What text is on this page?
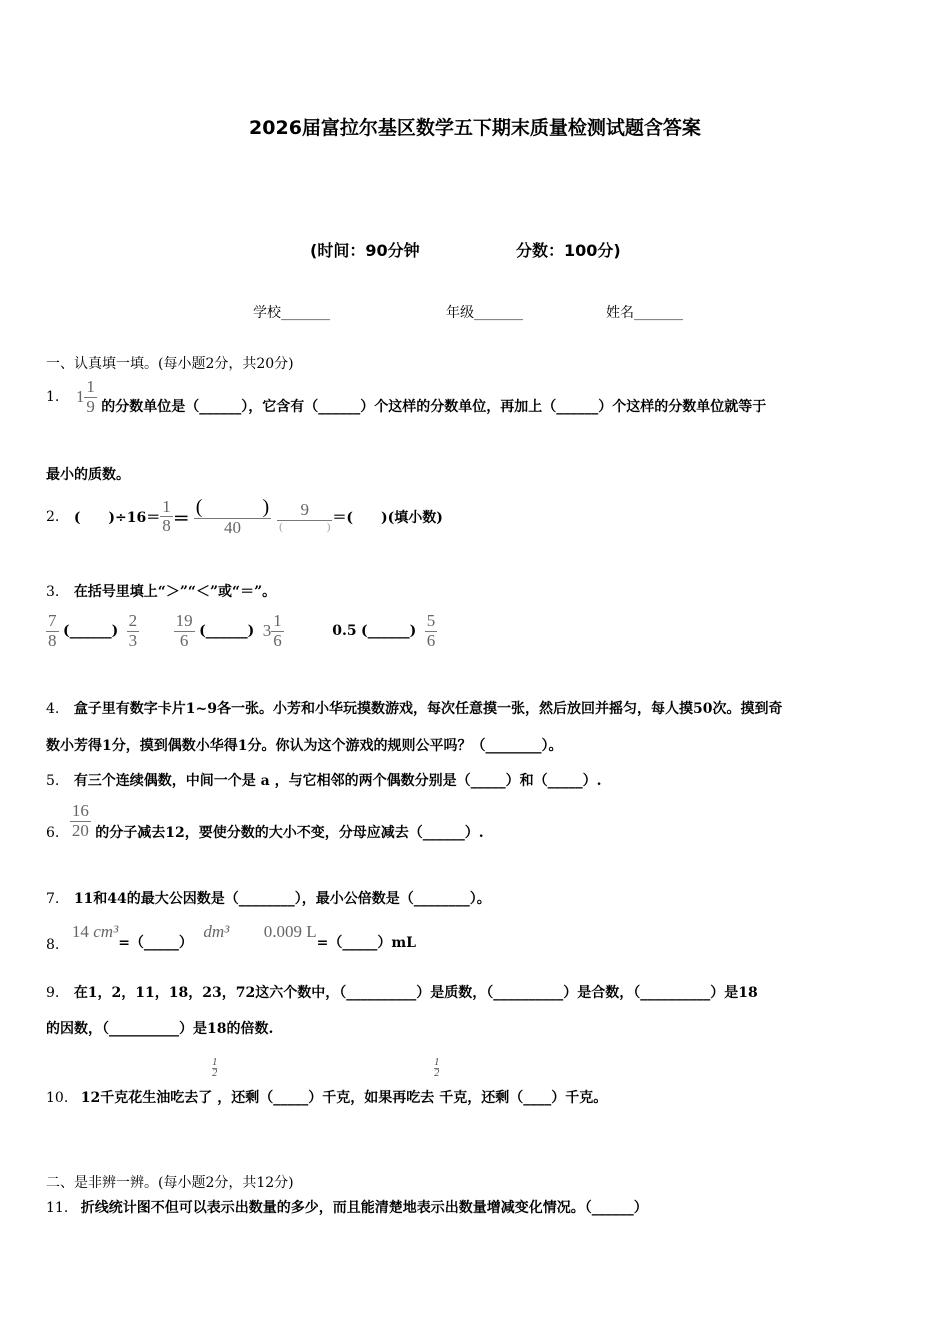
2026届富拉尔基区数学五下期末质量检测试题含答案
(时间：90分钟	分数：100分)
学校_______	年级_______	姓名_______
一、认真填一填。(每小题2分，共20分)
1. $1 \frac{1}{9}$ 的分数单位是（______），它含有（______）个这样的分数单位，再加上（______）个这样的分数单位就等于
最小的质数。
2. (　　)$\div 16= \frac{1}{8} = \frac{( )}{40} \frac{9}{( )}$ ＝(　　)(填小数)
3. 在括号里填上“＞”“＜”或“＝”。
$\frac{7}{8}$ (______) $\frac{2}{3}$
$\frac{19}{6}$ (______) $3 \frac{1}{6}$	0.5 (______) $\frac{5}{6}$
4. 盒子里有数字卡片1~9各一张。小芳和小华玩摸数游戏，每次任意摸一张，然后放回并摇匀，每人摸50次。摸到奇
数小芳得1分，摸到偶数小华得1分。你认为这个游戏的规则公平吗？（________）。
5. 有三个连续偶数，中间一个是 a ，与它相邻的两个偶数分别是（_____）和（_____）.
6. $\frac{16}{20}$ 的分子减去12，要使分数的大小不变，分母应减去（______）.
7. 11和44的最大公因数是（________），最小公倍数是（________）。
8. 14 cm³=（_____） dm³ 0.009 L=（_____）mL
9. 在1，2，11，18，23，72这六个数中，（__________）是质数，（__________）是合数，（__________）是18
的因数，（__________）是18的倍数.
10. 12千克花生油吃去了
$\frac{1}{2}$，还剩（_____）千克，如果再吃去
$\frac{1}{2}$千克，还剩（____）千克。
二、是非辨一辨。(每小题2分，共12分)
11. 折线统计图不但可以表示出数量的多少，而且能清楚地表示出数量增减变化情况。（______）
